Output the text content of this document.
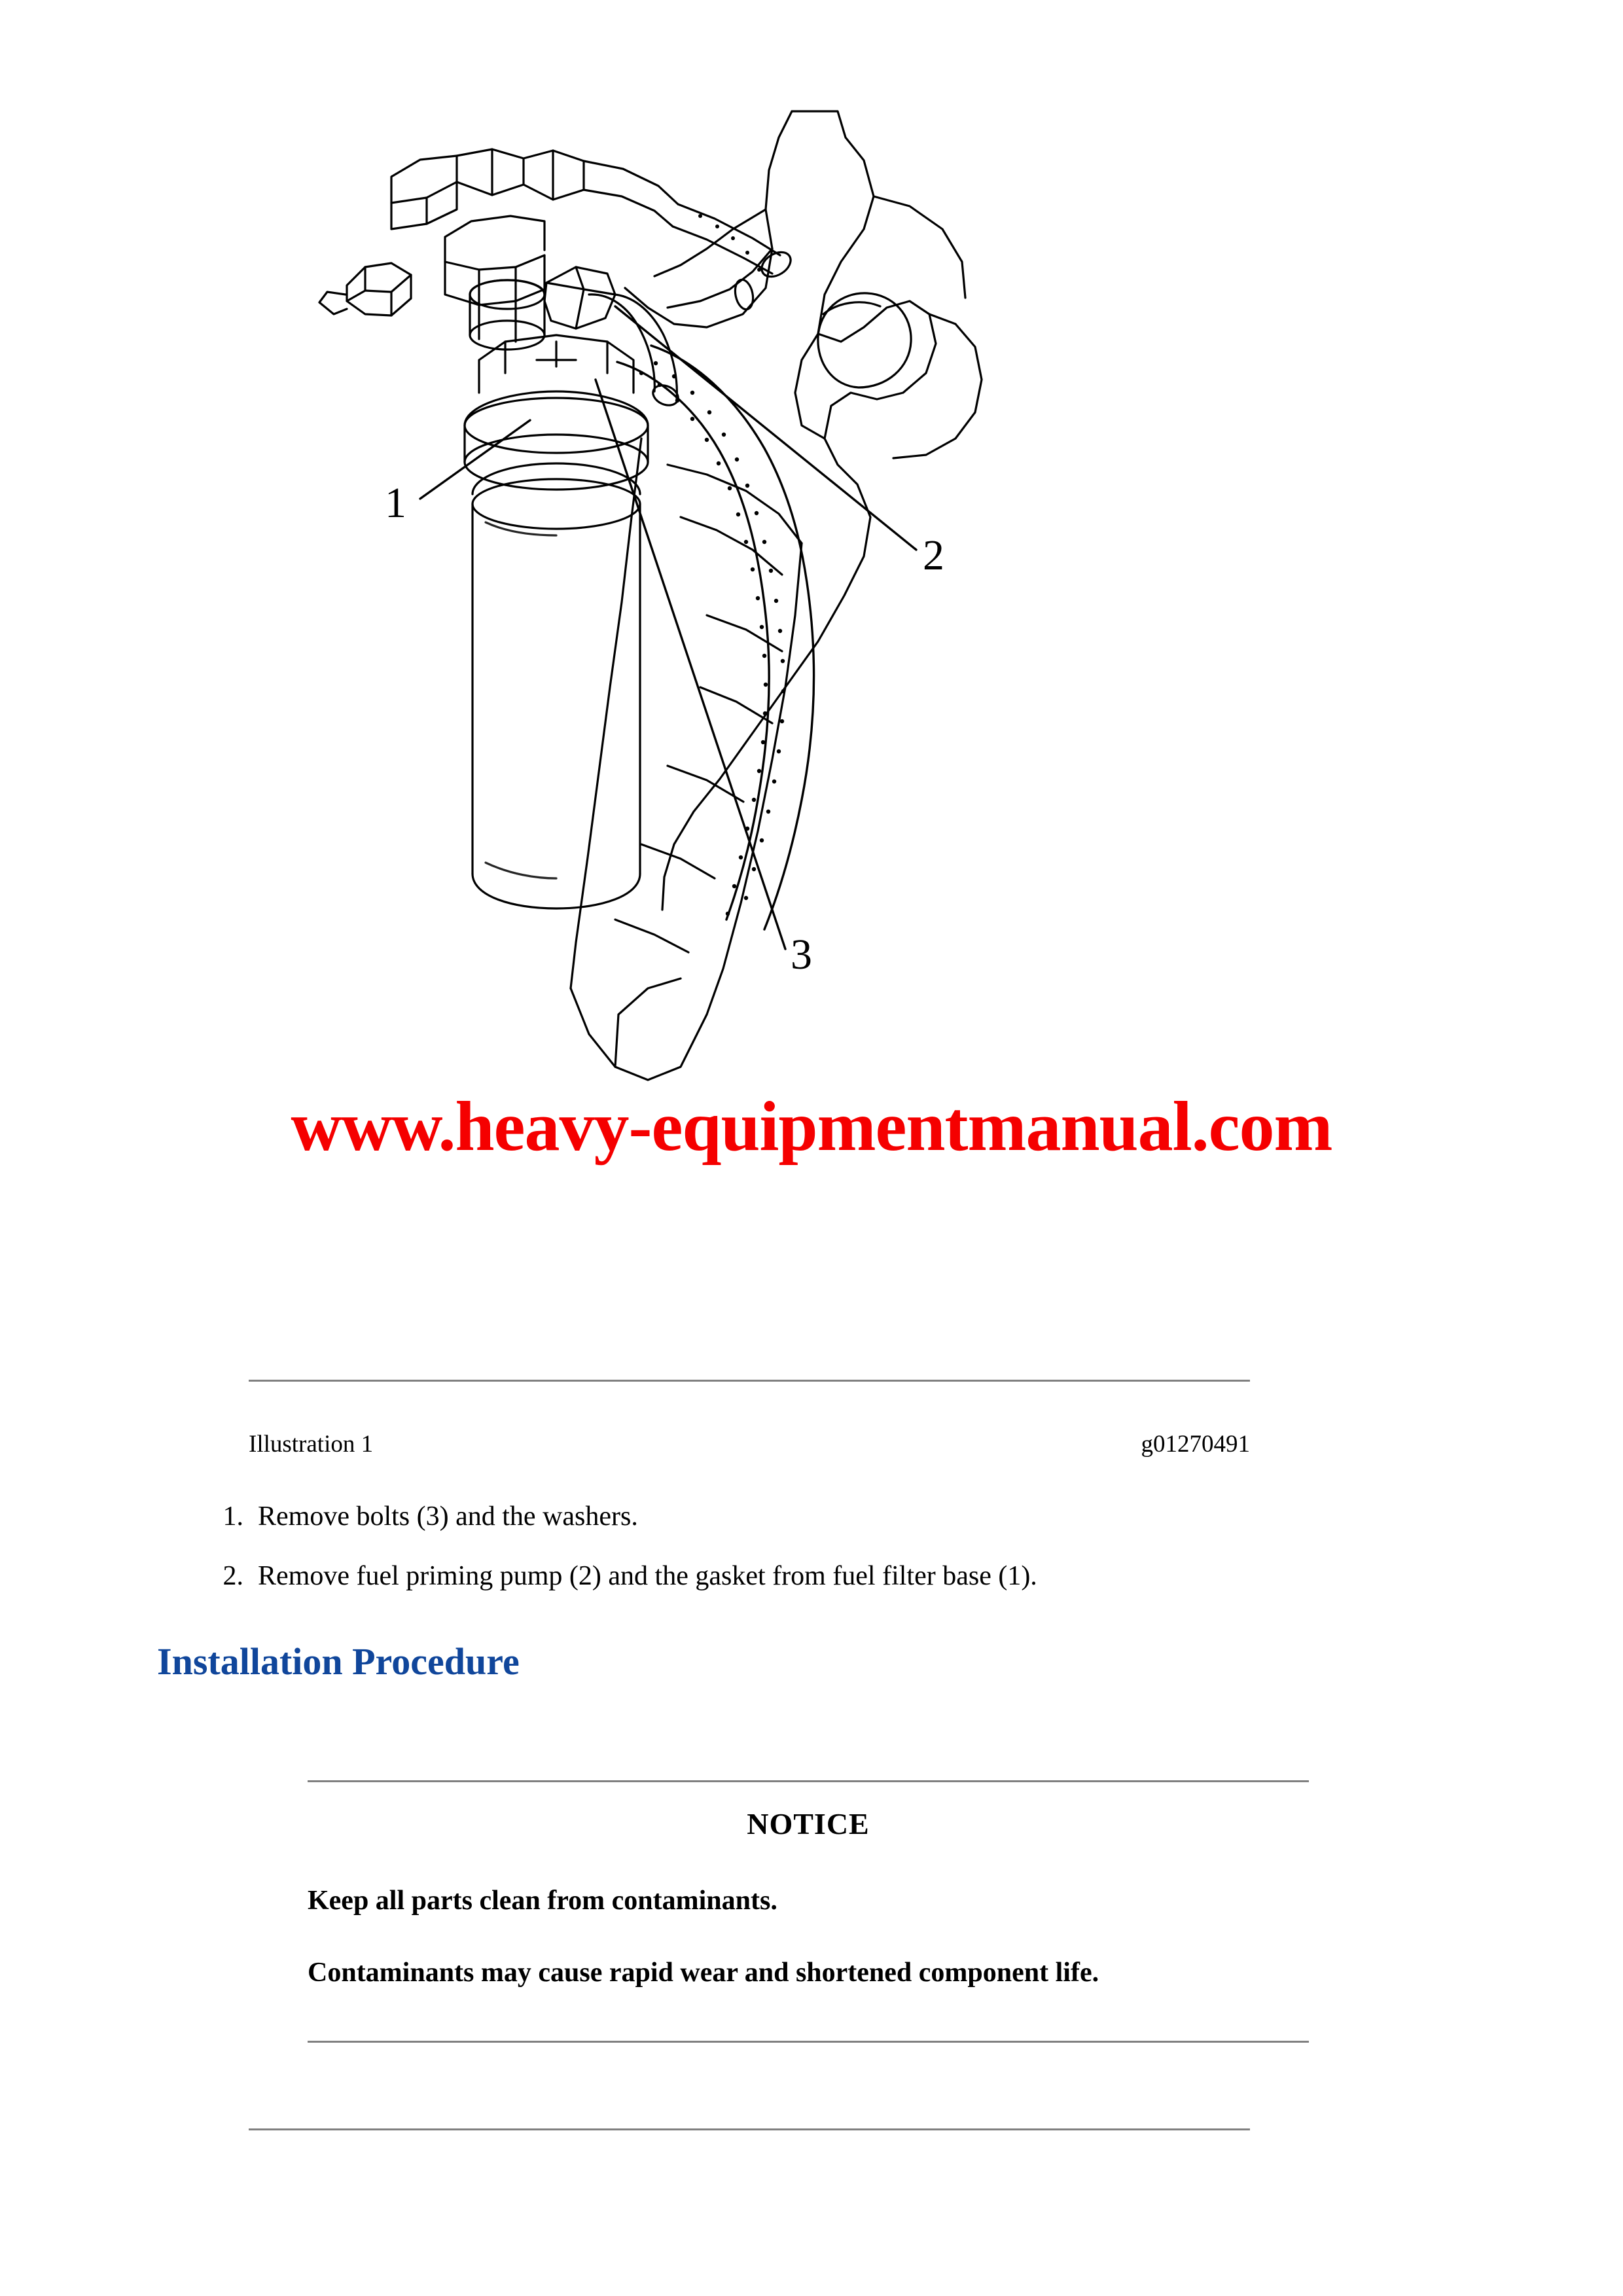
1
2
3
www.heavy-equipmentmanual.com
Illustration 1	g01270491
1. Remove bolts (3) and the washers.
2. Remove fuel priming pump (2) and the gasket from fuel filter base (1).
Installation Procedure
NOTICE
Keep all parts clean from contaminants.
Contaminants may cause rapid wear and shortened component life.
